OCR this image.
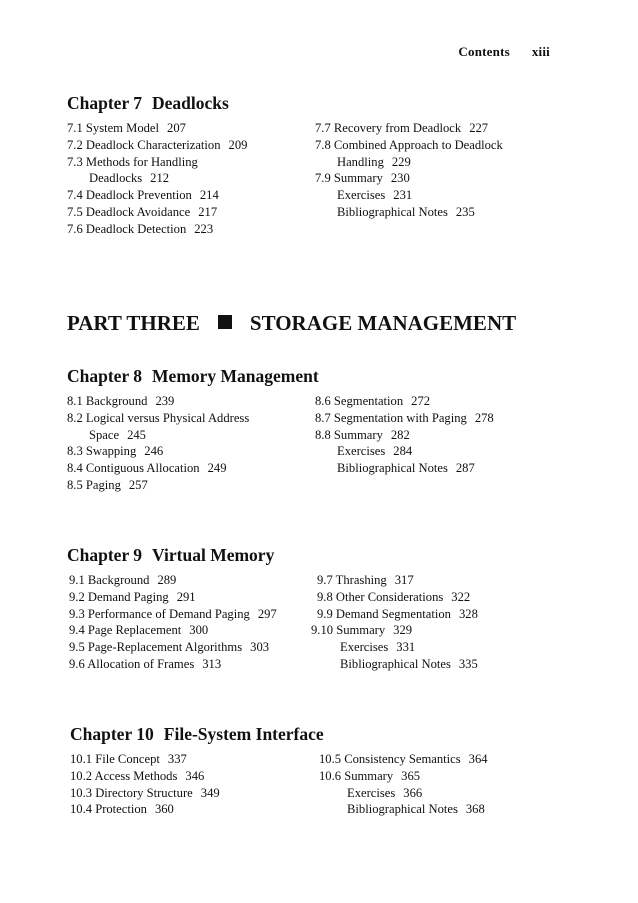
Contents xiii
Chapter 7 Deadlocks
7.1 System Model 207
7.2 Deadlock Characterization 209
7.3 Methods for Handling
Deadlocks 212
7.4 Deadlock Prevention 214
7.5 Deadlock Avoidance 217
7.6 Deadlock Detection 223
7.7 Recovery from Deadlock 227
7.8 Combined Approach to Deadlock
Handling 229
7.9 Summary 230
Exercises 231
Bibliographical Notes 235
PART THREE STORAGE MANAGEMENT
Chapter 8 Memory Management
8.1 Background 239
8.2 Logical versus Physical Address
Space 245
8.3 Swapping 246
8.4 Contiguous Allocation 249
8.5 Paging 257
8.6 Segmentation 272
8.7 Segmentation with Paging 278
8.8 Summary 282
Exercises 284
Bibliographical Notes 287
Chapter 9 Virtual Memory
9.1 Background 289
9.2 Demand Paging 291
9.3 Performance of Demand Paging 297
9.4 Page Replacement 300
9.5 Page-Replacement Algorithms 303
9.6 Allocation of Frames 313
9.7 Thrashing 317
9.8 Other Considerations 322
9.9 Demand Segmentation 328
9.10 Summary 329
Exercises 331
Bibliographical Notes 335
Chapter 10 File-System Interface
10.1 File Concept 337
10.2 Access Methods 346
10.3 Directory Structure 349
10.4 Protection 360
10.5 Consistency Semantics 364
10.6 Summary 365
Exercises 366
Bibliographical Notes 368
